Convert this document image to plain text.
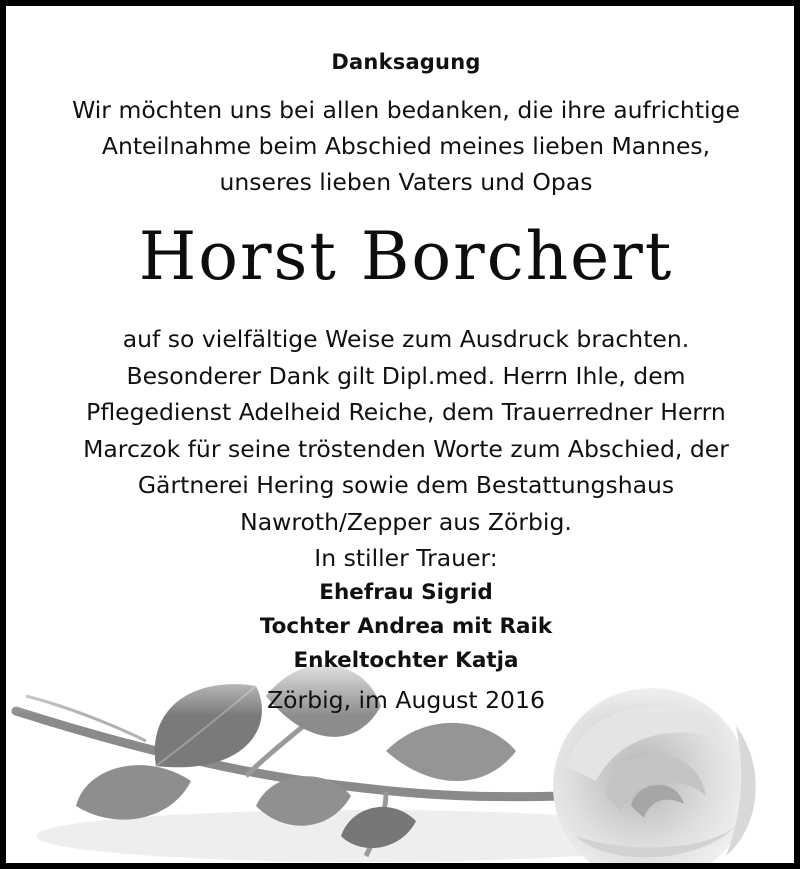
Danksagung
Wir möchten uns bei allen bedanken, die ihre aufrichtige
Anteilnahme beim Abschied meines lieben Mannes,
unseres lieben Vaters und Opas
Horst Borchert
auf so vielfältige Weise zum Ausdruck brachten.
Besonderer Dank gilt Dipl.med. Herrn Ihle, dem
Pflegedienst Adelheid Reiche, dem Trauerredner Herrn
Marczok für seine tröstenden Worte zum Abschied, der
Gärtnerei Hering sowie dem Bestattungshaus
Nawroth/Zepper aus Zörbig.
In stiller Trauer:
Ehefrau Sigrid
Tochter Andrea mit Raik
Enkeltochter Katja
Zörbig, im August 2016
